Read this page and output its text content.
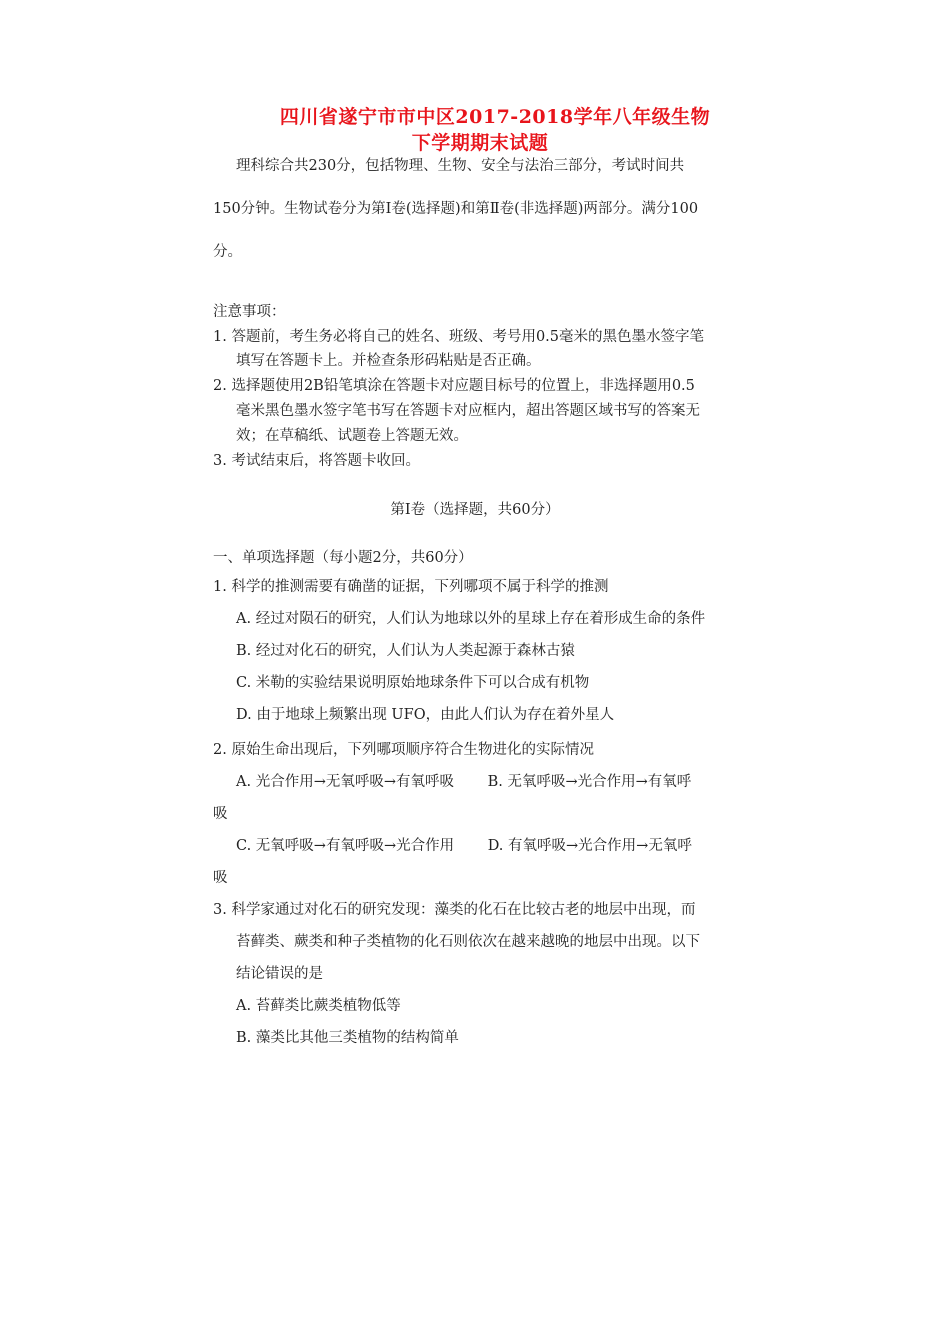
四川省遂宁市市中区2017-2018学年八年级生物
下学期期末试题
理科综合共230分，包括物理、生物、安全与法治三部分，考试时间共
150分钟。生物试卷分为第Ⅰ卷(选择题)和第Ⅱ卷(非选择题)两部分。满分100
分。
注意事项：
1. 答题前，考生务必将自己的姓名、班级、考号用0.5毫米的黑色墨水签字笔
填写在答题卡上。并检查条形码粘贴是否正确。
2. 选择题使用2B铅笔填涂在答题卡对应题目标号的位置上，非选择题用0.5
毫米黑色墨水签字笔书写在答题卡对应框内，超出答题区域书写的答案无
效；在草稿纸、试题卷上答题无效。
3. 考试结束后，将答题卡收回。
第Ⅰ卷（选择题，共60分）
一、单项选择题（每小题2分，共60分）
1. 科学的推测需要有确凿的证据，下列哪项不属于科学的推测
A. 经过对陨石的研究，人们认为地球以外的星球上存在着形成生命的条件
B. 经过对化石的研究，人们认为人类起源于森林古猿
C. 米勒的实验结果说明原始地球条件下可以合成有机物
D. 由于地球上频繁出现 UFO，由此人们认为存在着外星人
2. 原始生命出现后，下列哪项顺序符合生物进化的实际情况
A. 光合作用→无氧呼吸→有氧呼吸　　 B. 无氧呼吸→光合作用→有氧呼
吸
C. 无氧呼吸→有氧呼吸→光合作用　　 D. 有氧呼吸→光合作用→无氧呼
吸
3. 科学家通过对化石的研究发现：藻类的化石在比较古老的地层中出现，而
苔藓类、蕨类和种子类植物的化石则依次在越来越晚的地层中出现。以下
结论错误的是
A. 苔藓类比蕨类植物低等
B. 藻类比其他三类植物的结构简单
